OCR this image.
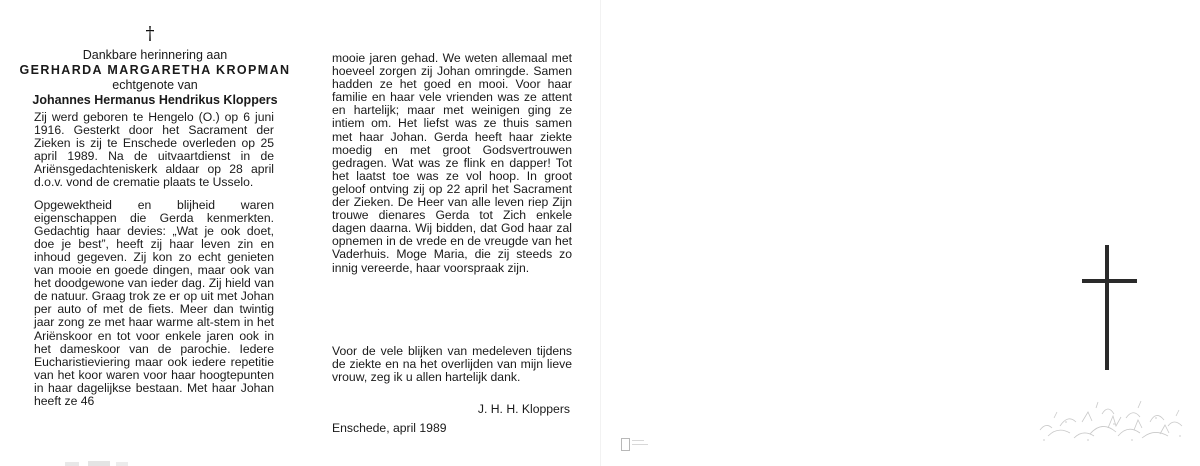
†
Dankbare herinnering aan
GERHARDA MARGARETHA KROPMAN
echtgenote van
Johannes Hermanus Hendrikus Kloppers

Zij werd geboren te Hengelo (O.) op 6 juni 1916. Gesterkt door het Sacrament der Zieken is zij te Enschede overleden op 25 april 1989. Na de uitvaartdienst in de Ariënsgedachteniskerk aldaar op 28 april d.o.v. vond de crematie plaats te Usselo.

Opgewektheid en blijheid waren eigenschappen die Gerda kenmerkten. Gedachtig haar devies: „Wat je ook doet, doe je best”, heeft zij haar leven zin en inhoud gegeven. Zij kon zo echt genieten van mooie en goede dingen, maar ook van het doodgewone van ieder dag. Zij hield van de natuur. Graag trok ze er op uit met Johan per auto of met de fiets. Meer dan twintig jaar zong ze met haar warme alt-stem in het Ariënskoor en tot voor enkele jaren ook in het dameskoor van de parochie. Iedere Eucharistieviering maar ook iedere repetitie van het koor waren voor haar hoogtepunten in haar dagelijkse bestaan. Met haar Johan heeft ze 46

mooie jaren gehad. We weten allemaal met hoeveel zorgen zij Johan omringde. Samen hadden ze het goed en mooi. Voor haar familie en haar vele vrienden was ze attent en hartelijk; maar met weinigen ging ze intiem om. Het liefst was ze thuis samen met haar Johan. Gerda heeft haar ziekte moedig en met groot Godsvertrouwen gedragen. Wat was ze flink en dapper! Tot het laatst toe was ze vol hoop. In groot geloof ontving zij op 22 april het Sacrament der Zieken. De Heer van alle leven riep Zijn trouwe dienares Gerda tot Zich enkele dagen daarna. Wij bidden, dat God haar zal opnemen in de vrede en de vreugde van het Vaderhuis. Moge Maria, die zij steeds zo innig vereerde, haar voorspraak zijn.

Voor de vele blijken van medeleven tijdens de ziekte en na het overlijden van mijn lieve vrouw, zeg ik u allen hartelijk dank.

J. H. H. Kloppers
Enschede, april 1989
